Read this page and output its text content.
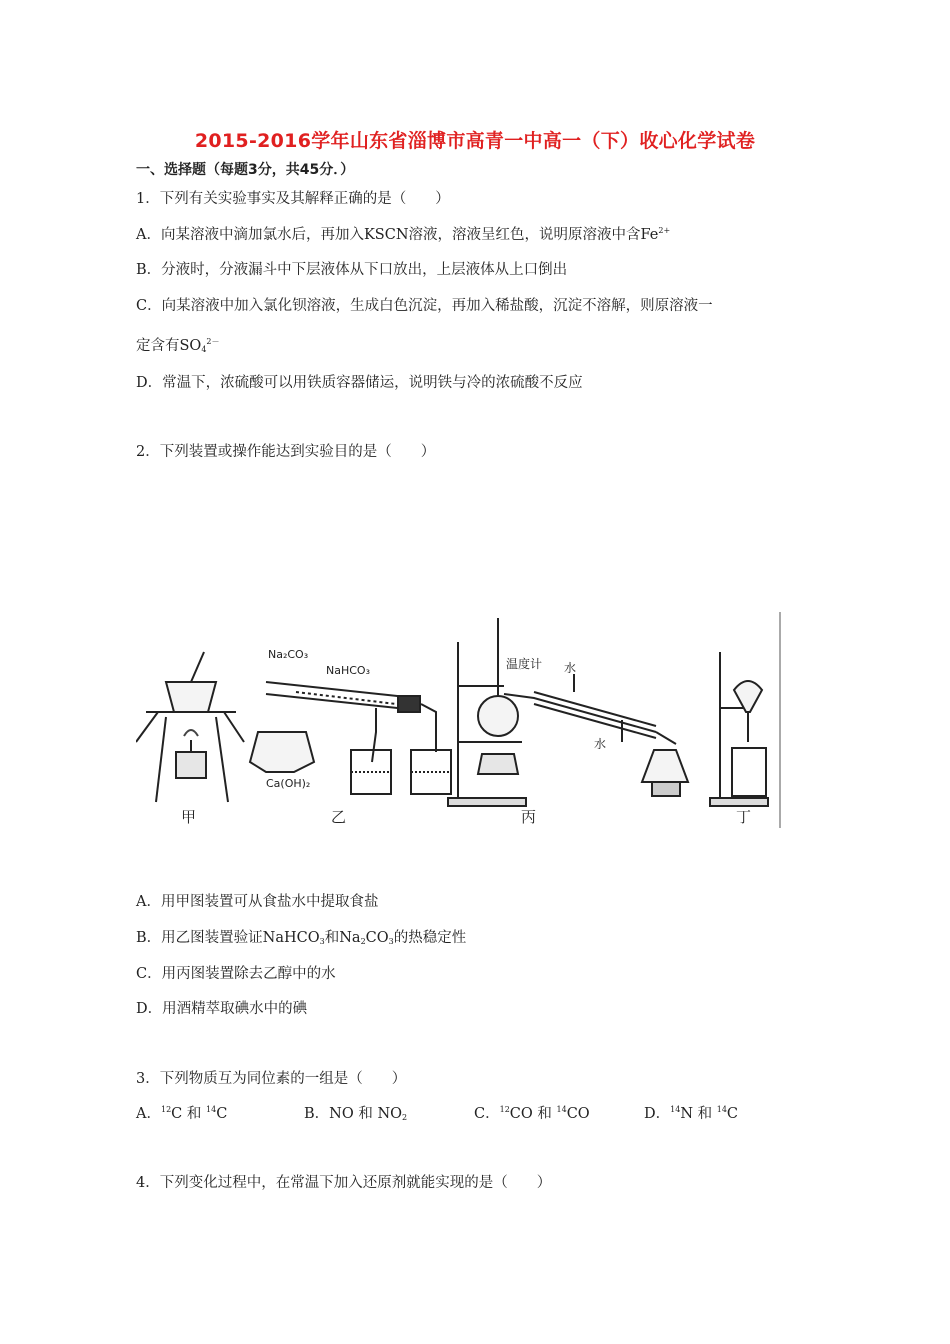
2015-2016学年山东省淄博市高青一中高一（下）收心化学试卷
一、选择题（每题3分，共45分．）
1．下列有关实验事实及其解释正确的是（　　）
A．向某溶液中滴加氯水后，再加入KSCN溶液，溶液呈红色，说明原溶液中含$Fe^{2+}$
B．分液时，分液漏斗中下层液体从下口放出，上层液体从上口倒出
C．向某溶液中加入氯化钡溶液，生成白色沉淀，再加入稀盐酸，沉淀不溶解，则原溶液一
定含有$SO_4^{2-}$
D．常温下，浓硫酸可以用铁质容器储运，说明铁与冷的浓硫酸不反应
2．下列装置或操作能达到实验目的是（　　）
Na₂CO₃
NaHCO₃
Ca(OH)₂
温度计 水
水
甲	乙	丙	丁
A．用甲图装置可从食盐水中提取食盐
B．用乙图装置验证NaHCO$_3$和$Na_2CO_3$的热稳定性
C．用丙图装置除去乙醇中的水
D．用酒精萃取碘水中的碘
3．下列物质互为同位素的一组是（　　）
A．$^{12}$C 和 $^{14}$C	B．NO 和 $NO_2$	C．$^{12}$CO 和 $^{14}$CO	D．$^{14}$N 和 $^{14}$C
4．下列变化过程中，在常温下加入还原剂就能实现的是（　　）
